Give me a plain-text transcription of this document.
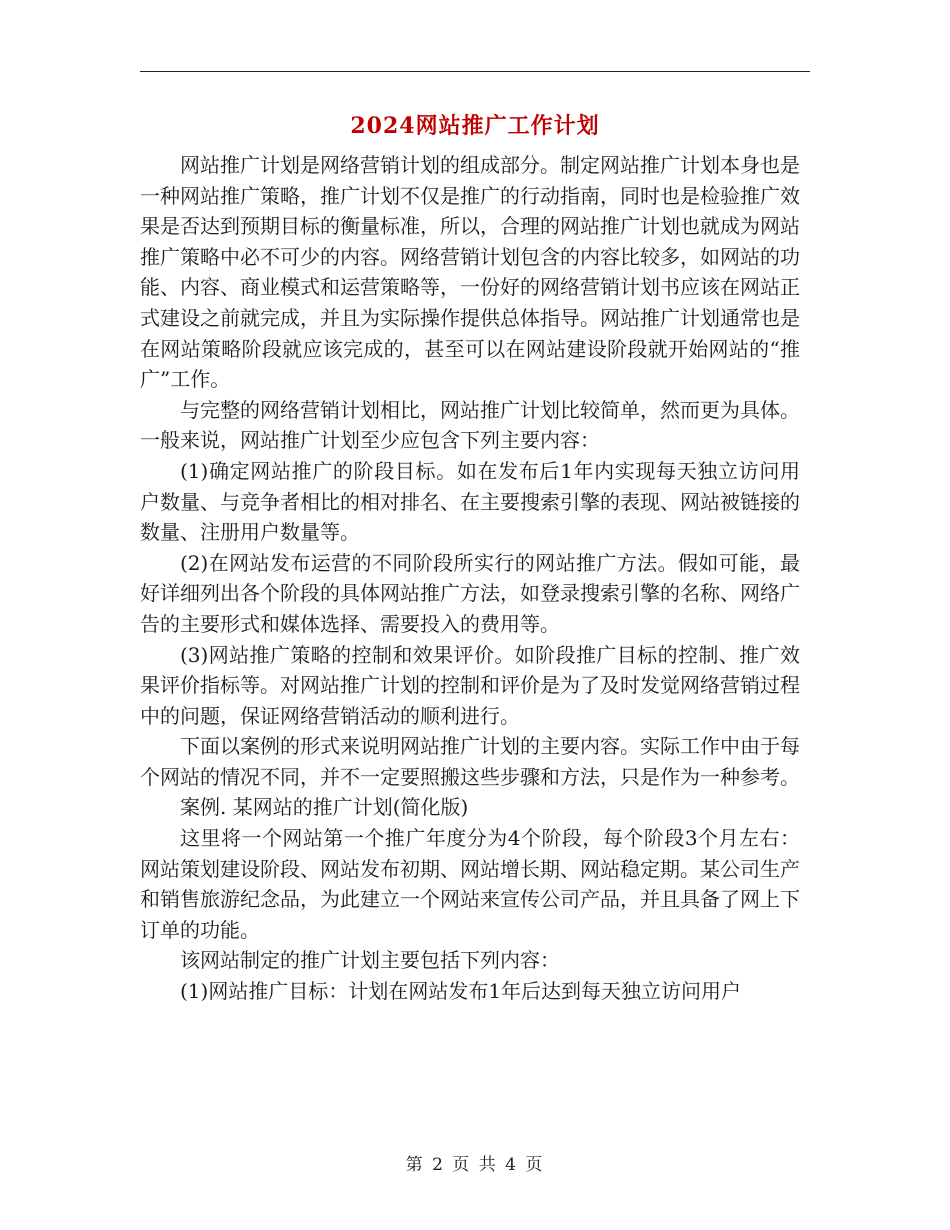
2024网站推广工作计划

网站推广计划是网络营销计划的组成部分。制定网站推广计划本身也是一种网站推广策略，推广计划不仅是推广的行动指南，同时也是检验推广效果是否达到预期目标的衡量标准，所以，合理的网站推广计划也就成为网站推广策略中必不可少的内容。网络营销计划包含的内容比较多，如网站的功能、内容、商业模式和运营策略等，一份好的网络营销计划书应该在网站正式建设之前就完成，并且为实际操作提供总体指导。网站推广计划通常也是在网站策略阶段就应该完成的，甚至可以在网站建设阶段就开始网站的“推广”工作。

与完整的网络营销计划相比，网站推广计划比较简单，然而更为具体。一般来说，网站推广计划至少应包含下列主要内容：

(1)确定网站推广的阶段目标。如在发布后1年内实现每天独立访问用户数量、与竞争者相比的相对排名、在主要搜索引擎的表现、网站被链接的数量、注册用户数量等。

(2)在网站发布运营的不同阶段所实行的网站推广方法。假如可能，最好详细列出各个阶段的具体网站推广方法，如登录搜索引擎的名称、网络广告的主要形式和媒体选择、需要投入的费用等。

(3)网站推广策略的控制和效果评价。如阶段推广目标的控制、推广效果评价指标等。对网站推广计划的控制和评价是为了及时发觉网络营销过程中的问题，保证网络营销活动的顺利进行。

下面以案例的形式来说明网站推广计划的主要内容。实际工作中由于每个网站的情况不同，并不一定要照搬这些步骤和方法，只是作为一种参考。

案例. 某网站的推广计划(简化版)

这里将一个网站第一个推广年度分为4个阶段，每个阶段3个月左右：网站策划建设阶段、网站发布初期、网站增长期、网站稳定期。某公司生产和销售旅游纪念品，为此建立一个网站来宣传公司产品，并且具备了网上下订单的功能。

该网站制定的推广计划主要包括下列内容：

(1)网站推广目标：计划在网站发布1年后达到每天独立访问用户

第 2 页 共 4 页
